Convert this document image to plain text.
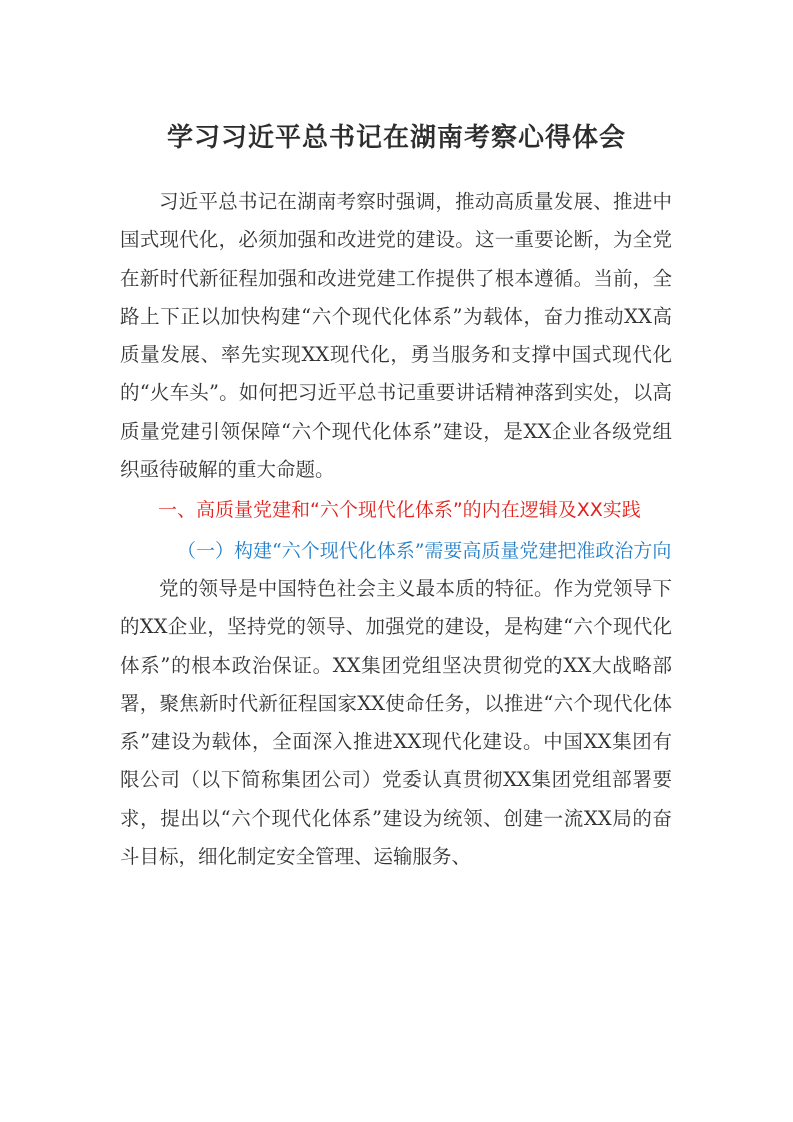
学习习近平总书记在湖南考察心得体会

习近平总书记在湖南考察时强调，推动高质量发展、推进中国式现代化，必须加强和改进党的建设。这一重要论断，为全党在新时代新征程加强和改进党建工作提供了根本遵循。当前，全路上下正以加快构建“六个现代化体系”为载体，奋力推动XX高质量发展、率先实现XX现代化，勇当服务和支撑中国式现代化的“火车头”。如何把习近平总书记重要讲话精神落到实处，以高质量党建引领保障“六个现代化体系”建设，是XX企业各级党组织亟待破解的重大命题。

一、高质量党建和“六个现代化体系”的内在逻辑及XX实践

（一）构建“六个现代化体系”需要高质量党建把准政治方向

党的领导是中国特色社会主义最本质的特征。作为党领导下的XX企业，坚持党的领导、加强党的建设，是构建“六个现代化体系”的根本政治保证。XX集团党组坚决贯彻党的XX大战略部署，聚焦新时代新征程国家XX使命任务，以推进“六个现代化体系”建设为载体，全面深入推进XX现代化建设。中国XX集团有限公司（以下简称集团公司）党委认真贯彻XX集团党组部署要求，提出以“六个现代化体系”建设为统领、创建一流XX局的奋斗目标，细化制定安全管理、运输服务、
